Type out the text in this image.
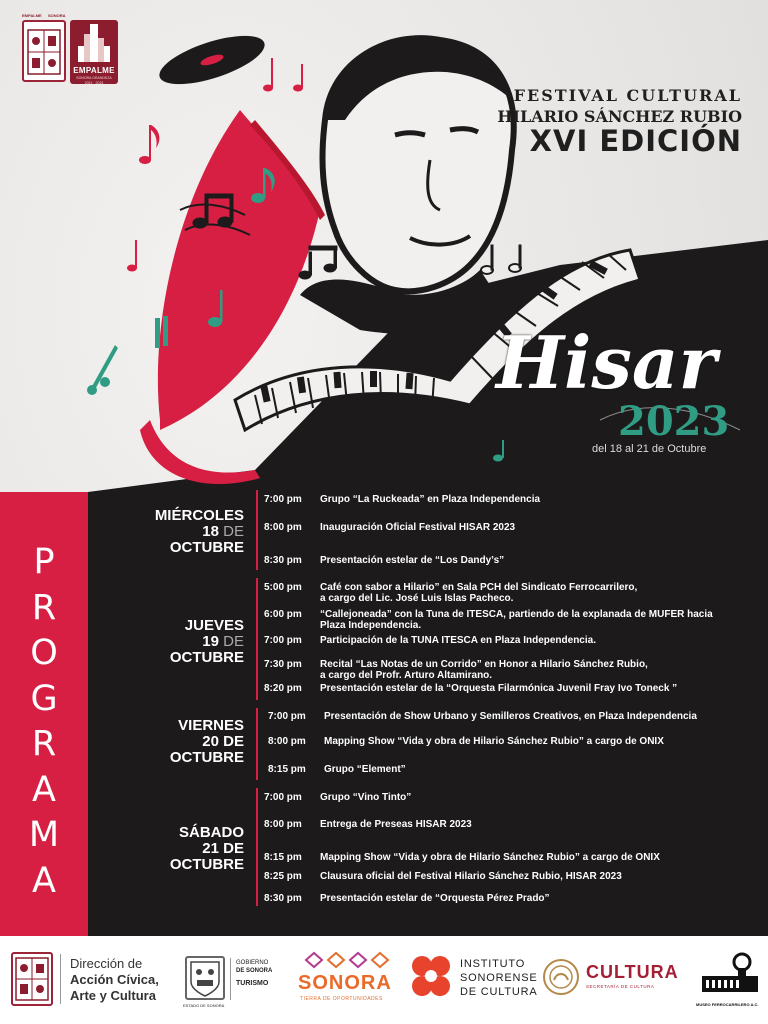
EMPALME SONORA
EMPALME
SONORA GRANDEZA
2021 · 2024
FESTIVAL CULTURAL
HILARIO SÁNCHEZ RUBIO
XVI EDICIÓN
Hisar
2023
del 18 al 21 de Octubre
P
R
O
G
R
A
M
A
MIÉRCOLES
18 DE
OCTUBRE
7:00 pm	Grupo “La Ruckeada” en Plaza Independencia
8:00 pm	Inauguración Oficial Festival HISAR 2023
8:30 pm	Presentación estelar de “Los Dandy’s”
JUEVES
19 DE
OCTUBRE
5:00 pm	Café con sabor a Hilario” en Sala PCH del Sindicato Ferrocarrilero,
a cargo del Lic. José Luis Islas Pacheco.
6:00 pm	“Callejoneada” con la Tuna de ITESCA, partiendo de la explanada de MUFER hacia
Plaza Independencia.
7:00 pm	Participación de la TUNA ITESCA en Plaza Independencia.
7:30 pm	Recital “Las Notas de un Corrido” en Honor a Hilario Sánchez Rubio,
a cargo del Profr. Arturo Altamirano.
8:20 pm	Presentación estelar de la “Orquesta Filarmónica Juvenil Fray Ivo Toneck ”
VIERNES
20 DE
OCTUBRE
7:00 pm	Presentación de Show Urbano y Semilleros Creativos, en Plaza Independencia
8:00 pm	Mapping Show “Vida y obra de Hilario Sánchez Rubio” a cargo de ONIX
8:15 pm	Grupo “Element”
SÁBADO
21 DE
OCTUBRE
7:00 pm	Grupo “Vino Tinto”
8:00 pm	Entrega de Preseas HISAR 2023
8:15 pm	Mapping Show “Vida y obra de Hilario Sánchez Rubio” a cargo de ONIX
8:25 pm	Clausura oficial del Festival Hilario Sánchez Rubio, HISAR 2023
8:30 pm	Presentación estelar de “Orquesta Pérez Prado”
Dirección de
Acción Cívica,
Arte y Cultura
ESTADO DE SONORA
GOBIERNO
DE SONORA
TURISMO SONORA
TIERRA DE OPORTUNIDADES
INSTITUTO
SONORENSE
DE CULTURA
CULTURA
SECRETARÍA DE CULTURA
MUSEO FERROCARRILERO A.C.
